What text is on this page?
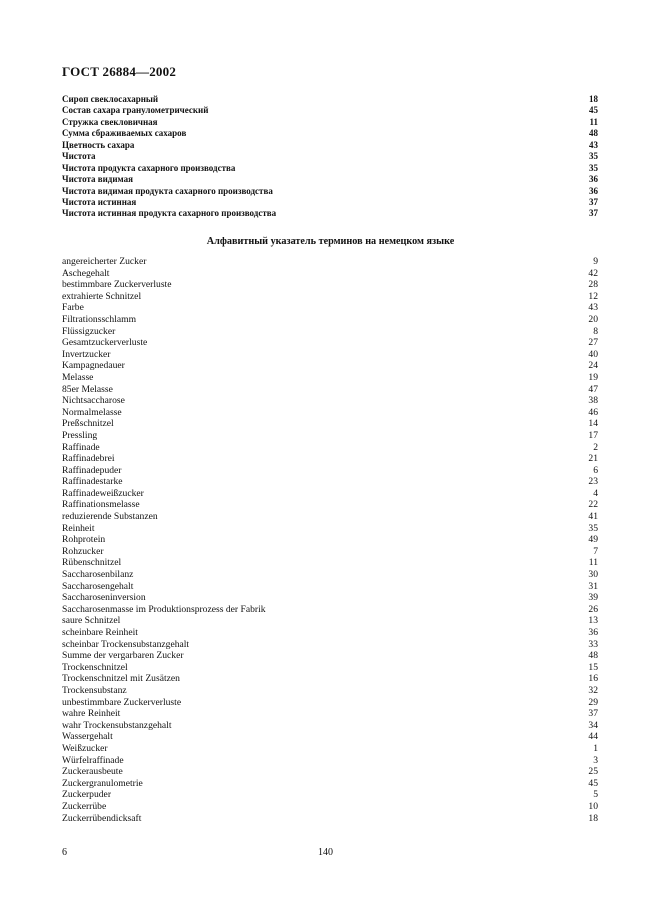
ГОСТ 26884—2002
Сироп свеклосахарный	18
Состав сахара гранулометрический	45
Стружка свекловичная	11
Сумма сбраживаемых сахаров	48
Цветность сахара	43
Чистота	35
Чистота продукта сахарного производства	35
Чистота видимая	36
Чистота видимая продукта сахарного производства	36
Чистота истинная	37
Чистота истинная продукта сахарного производства	37
Алфавитный указатель терминов на немецком языке
angereicherter Zucker	9
Aschegehalt	42
bestimmbare Zuckerverluste	28
extrahierte Schnitzel	12
Farbe	43
Filtrationsschlamm	20
Flüssigzucker	8
Gesamtzuckerverluste	27
Invertzucker	40
Kampagnedauer	24
Melasse	19
85er Melasse	47
Nichtsaccharose	38
Normalmelasse	46
Preßschnitzel	14
Pressling	17
Raffinade	2
Raffinadebrei	21
Raffinadepuder	6
Raffinadestarke	23
Raffinadeweißzucker	4
Raffinationsmelasse	22
reduzierende Substanzen	41
Reinheit	35
Rohprotein	49
Rohzucker	7
Rübenschnitzel	11
Saccharosenbilanz	30
Saccharosengehalt	31
Saccharoseninversion	39
Saccharosenmasse im Produktionsprozess der Fabrik	26
saure Schnitzel	13
scheinbare Reinheit	36
scheinbar Trockensubstanzgehalt	33
Summe der vergarbaren Zucker	48
Trockenschnitzel	15
Trockenschnitzel mit Zusätzen	16
Trockensubstanz	32
unbestimmbare Zuckerverluste	29
wahre Reinheit	37
wahr Trockensubstanzgehalt	34
Wassergehalt	44
Weißzucker	1
Würfelraffinade	3
Zuckerausbeute	25
Zuckergranulometrie	45
Zuckerpuder	5
Zuckerrübe	10
Zuckerrübendicksaft	18
6	140
